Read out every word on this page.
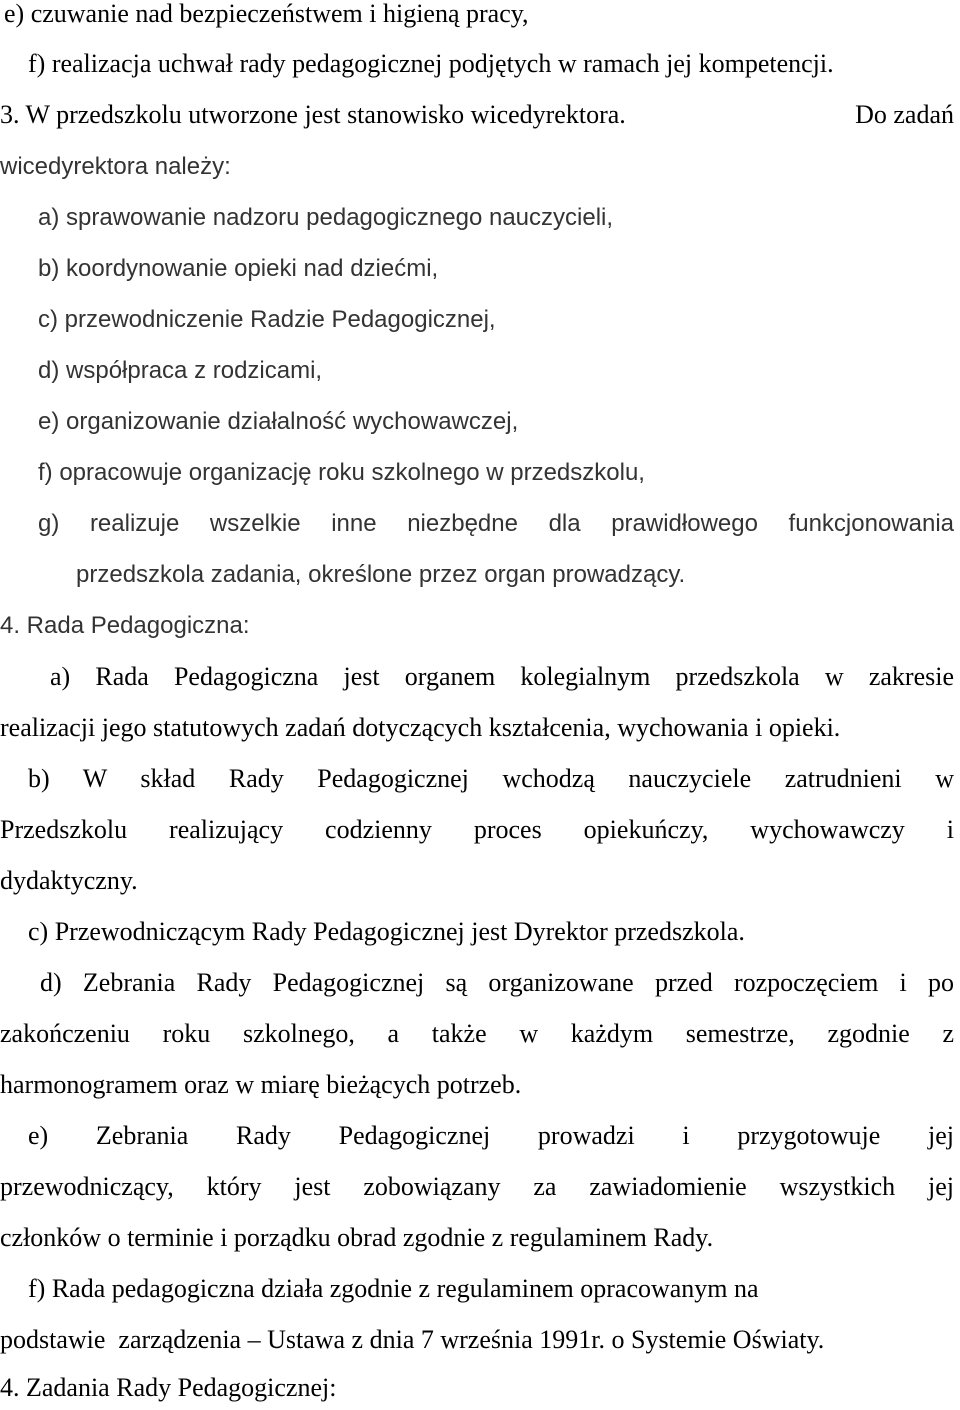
e) czuwanie nad bezpieczeństwem i higieną pracy,

f) realizacja uchwał rady pedagogicznej podjętych w ramach jej kompetencji.

3. W przedszkolu utworzone jest stanowisko wicedyrektora.	Do zadań

wicedyrektora należy:

a) sprawowanie nadzoru pedagogicznego nauczycieli,

b) koordynowanie opieki nad dziećmi,

c) przewodniczenie Radzie Pedagogicznej,

d) współpraca z rodzicami,

e) organizowanie działalność wychowawczej,

f) opracowuje organizację roku szkolnego w przedszkolu,

g) realizuje wszelkie inne niezbędne dla prawidłowego funkcjonowania

przedszkola zadania, określone przez organ prowadzący.

4. Rada Pedagogiczna:

a) Rada Pedagogiczna jest organem kolegialnym przedszkola w zakresie

realizacji jego statutowych zadań dotyczących kształcenia, wychowania i opieki.

b) W skład Rady Pedagogicznej wchodzą nauczyciele zatrudnieni w

Przedszkolu realizujący codzienny proces opiekuńczy, wychowawczy i

dydaktyczny.

c) Przewodniczącym Rady Pedagogicznej jest Dyrektor przedszkola.

d) Zebrania Rady Pedagogicznej są organizowane przed rozpoczęciem i po

zakończeniu roku szkolnego, a także w każdym semestrze, zgodnie z

harmonogramem oraz w miarę bieżących potrzeb.

e) Zebrania Rady Pedagogicznej prowadzi i przygotowuje jej

przewodniczący, który jest zobowiązany za zawiadomienie wszystkich jej

członków o terminie i porządku obrad zgodnie z regulaminem Rady.

f) Rada pedagogiczna działa zgodnie z regulaminem opracowanym na

podstawie  zarządzenia – Ustawa z dnia 7 września 1991r. o Systemie Oświaty.

4. Zadania Rady Pedagogicznej:
